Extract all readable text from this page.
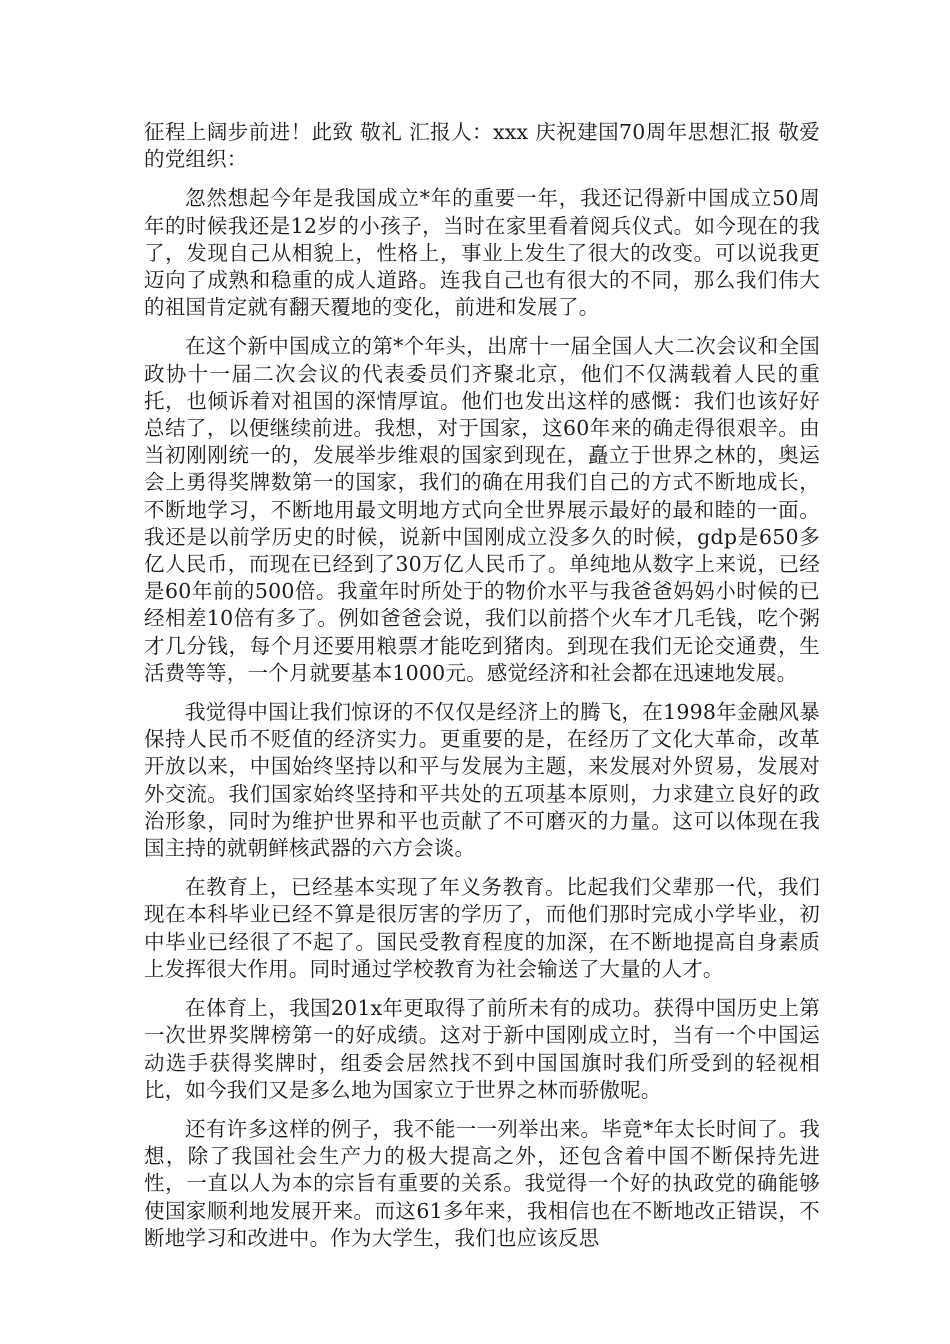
征程上阔步前进！此致 敬礼 汇报人：xxx 庆祝建国70周年思想汇报 敬爱的党组织：

忽然想起今年是我国成立*年的重要一年，我还记得新中国成立50周年的时候我还是12岁的小孩子，当时在家里看着阅兵仪式。如今现在的我了，发现自己从相貌上，性格上，事业上发生了很大的改变。可以说我更迈向了成熟和稳重的成人道路。连我自己也有很大的不同，那么我们伟大的祖国肯定就有翻天覆地的变化，前进和发展了。

在这个新中国成立的第*个年头，出席十一届全国人大二次会议和全国政协十一届二次会议的代表委员们齐聚北京，他们不仅满载着人民的重托，也倾诉着对祖国的深情厚谊。他们也发出这样的感慨：我们也该好好总结了，以便继续前进。我想，对于国家，这60年来的确走得很艰辛。由当初刚刚统一的，发展举步维艰的国家到现在，矗立于世界之林的，奥运会上勇得奖牌数第一的国家，我们的确在用我们自己的方式不断地成长，不断地学习，不断地用最文明地方式向全世界展示最好的最和睦的一面。我还是以前学历史的时候，说新中国刚成立没多久的时候，gdp是650多亿人民币，而现在已经到了30万亿人民币了。单纯地从数字上来说，已经是60年前的500倍。我童年时所处于的物价水平与我爸爸妈妈小时候的已经相差10倍有多了。例如爸爸会说，我们以前搭个火车才几毛钱，吃个粥才几分钱，每个月还要用粮票才能吃到猪肉。到现在我们无论交通费，生活费等等，一个月就要基本1000元。感觉经济和社会都在迅速地发展。

我觉得中国让我们惊讶的不仅仅是经济上的腾飞，在1998年金融风暴保持人民币不贬值的经济实力。更重要的是，在经历了文化大革命，改革开放以来，中国始终坚持以和平与发展为主题，来发展对外贸易，发展对外交流。我们国家始终坚持和平共处的五项基本原则，力求建立良好的政治形象，同时为维护世界和平也贡献了不可磨灭的力量。这可以体现在我国主持的就朝鲜核武器的六方会谈。

在教育上，已经基本实现了年义务教育。比起我们父辈那一代，我们现在本科毕业已经不算是很厉害的学历了，而他们那时完成小学毕业，初中毕业已经很了不起了。国民受教育程度的加深，在不断地提高自身素质上发挥很大作用。同时通过学校教育为社会输送了大量的人才。

在体育上，我国201x年更取得了前所未有的成功。获得中国历史上第一次世界奖牌榜第一的好成绩。这对于新中国刚成立时，当有一个中国运动选手获得奖牌时，组委会居然找不到中国国旗时我们所受到的轻视相比，如今我们又是多么地为国家立于世界之林而骄傲呢。

还有许多这样的例子，我不能一一列举出来。毕竟*年太长时间了。我想，除了我国社会生产力的极大提高之外，还包含着中国不断保持先进性，一直以人为本的宗旨有重要的关系。我觉得一个好的执政党的确能够使国家顺利地发展开来。而这61多年来，我相信也在不断地改正错误，不断地学习和改进中。作为大学生，我们也应该反思
